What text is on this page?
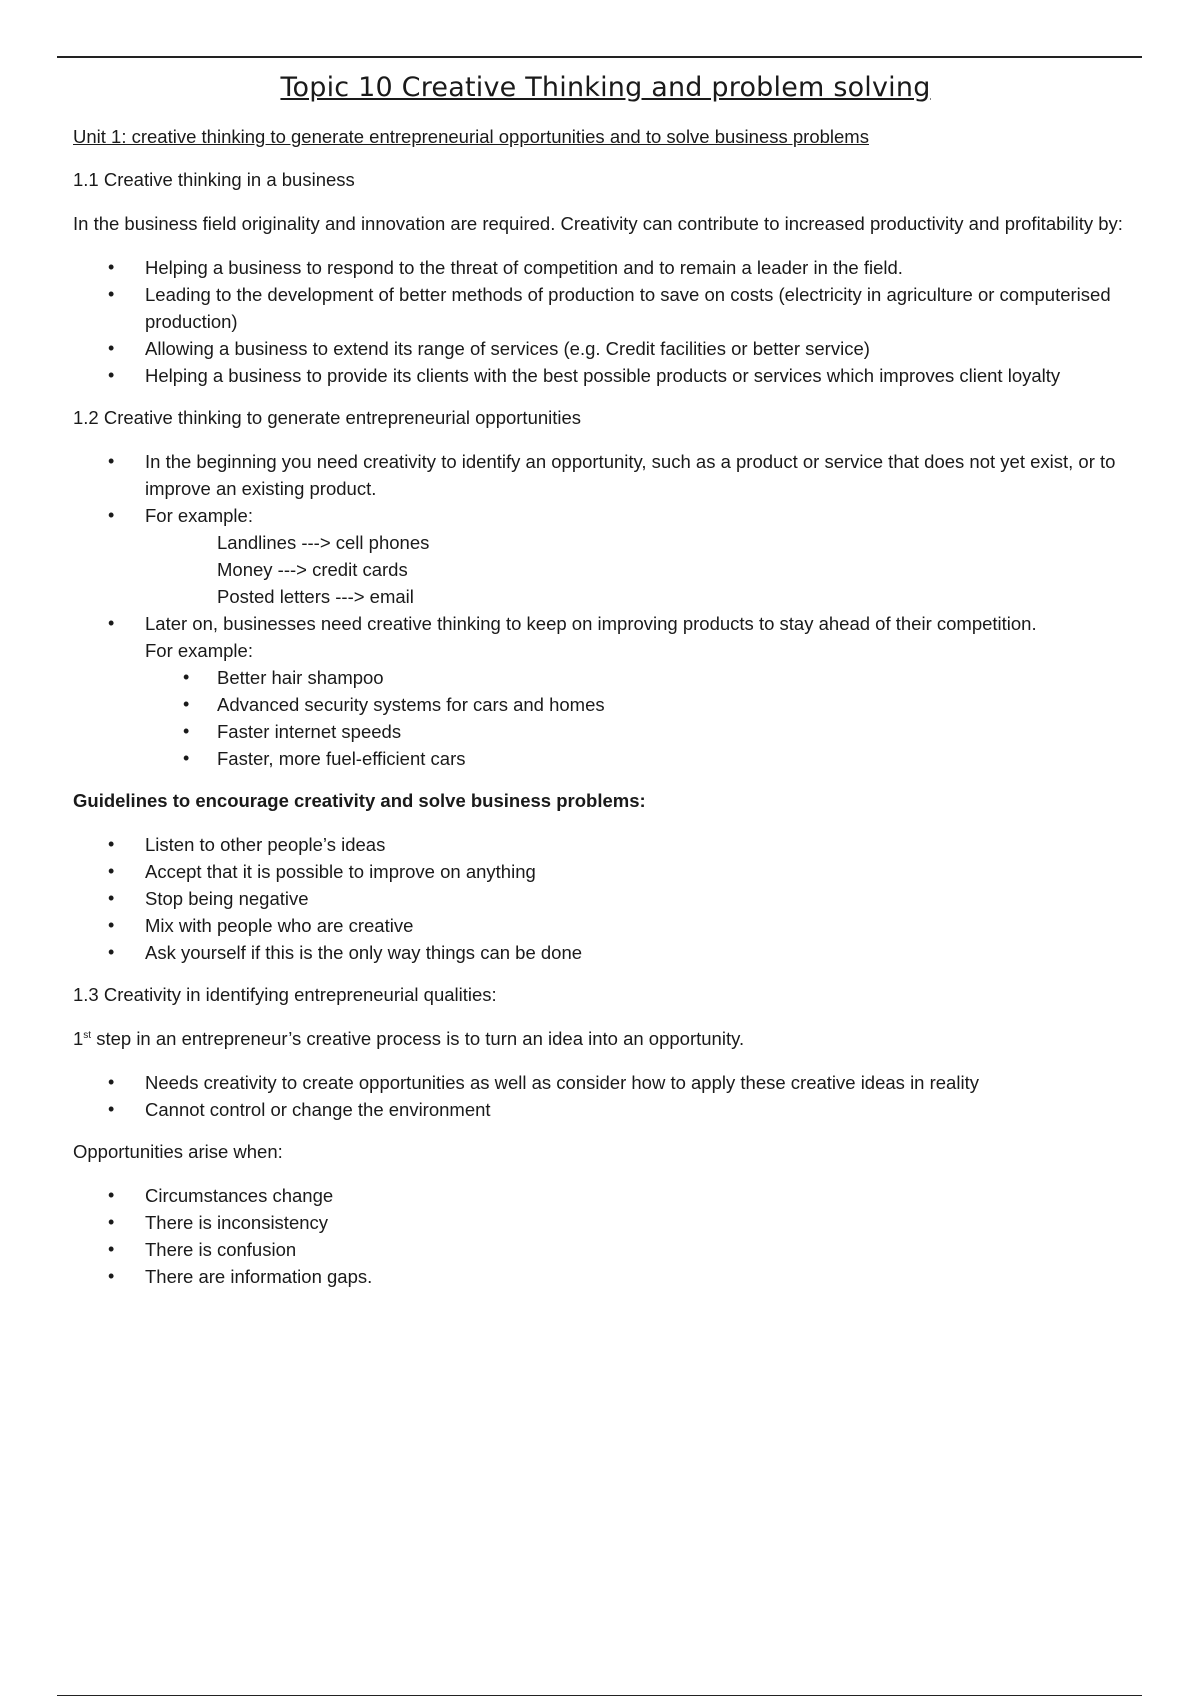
Topic 10 Creative Thinking and problem solving
Unit 1: creative thinking to generate entrepreneurial opportunities and to solve business problems
1.1 Creative thinking in a business
In the business field originality and innovation are required. Creativity can contribute to increased productivity and profitability by:
• Helping a business to respond to the threat of competition and to remain a leader in the field.
• Leading to the development of better methods of production to save on costs (electricity in agriculture or computerised production)
• Allowing a business to extend its range of services (e.g. Credit facilities or better service)
• Helping a business to provide its clients with the best possible products or services which improves client loyalty
1.2 Creative thinking to generate entrepreneurial opportunities
• In the beginning you need creativity to identify an opportunity, such as a product or service that does not yet exist, or to improve an existing product.
• For example:
Landlines ---> cell phones
Money ---> credit cards
Posted letters ---> email
• Later on, businesses need creative thinking to keep on improving products to stay ahead of their competition.
For example:
• Better hair shampoo
• Advanced security systems for cars and homes
• Faster internet speeds
• Faster, more fuel-efficient cars
Guidelines to encourage creativity and solve business problems:
• Listen to other people’s ideas
• Accept that it is possible to improve on anything
• Stop being negative
• Mix with people who are creative
• Ask yourself if this is the only way things can be done
1.3 Creativity in identifying entrepreneurial qualities:
1st step in an entrepreneur’s creative process is to turn an idea into an opportunity.
• Needs creativity to create opportunities as well as consider how to apply these creative ideas in reality
• Cannot control or change the environment
Opportunities arise when:
• Circumstances change
• There is inconsistency
• There is confusion
• There are information gaps.
